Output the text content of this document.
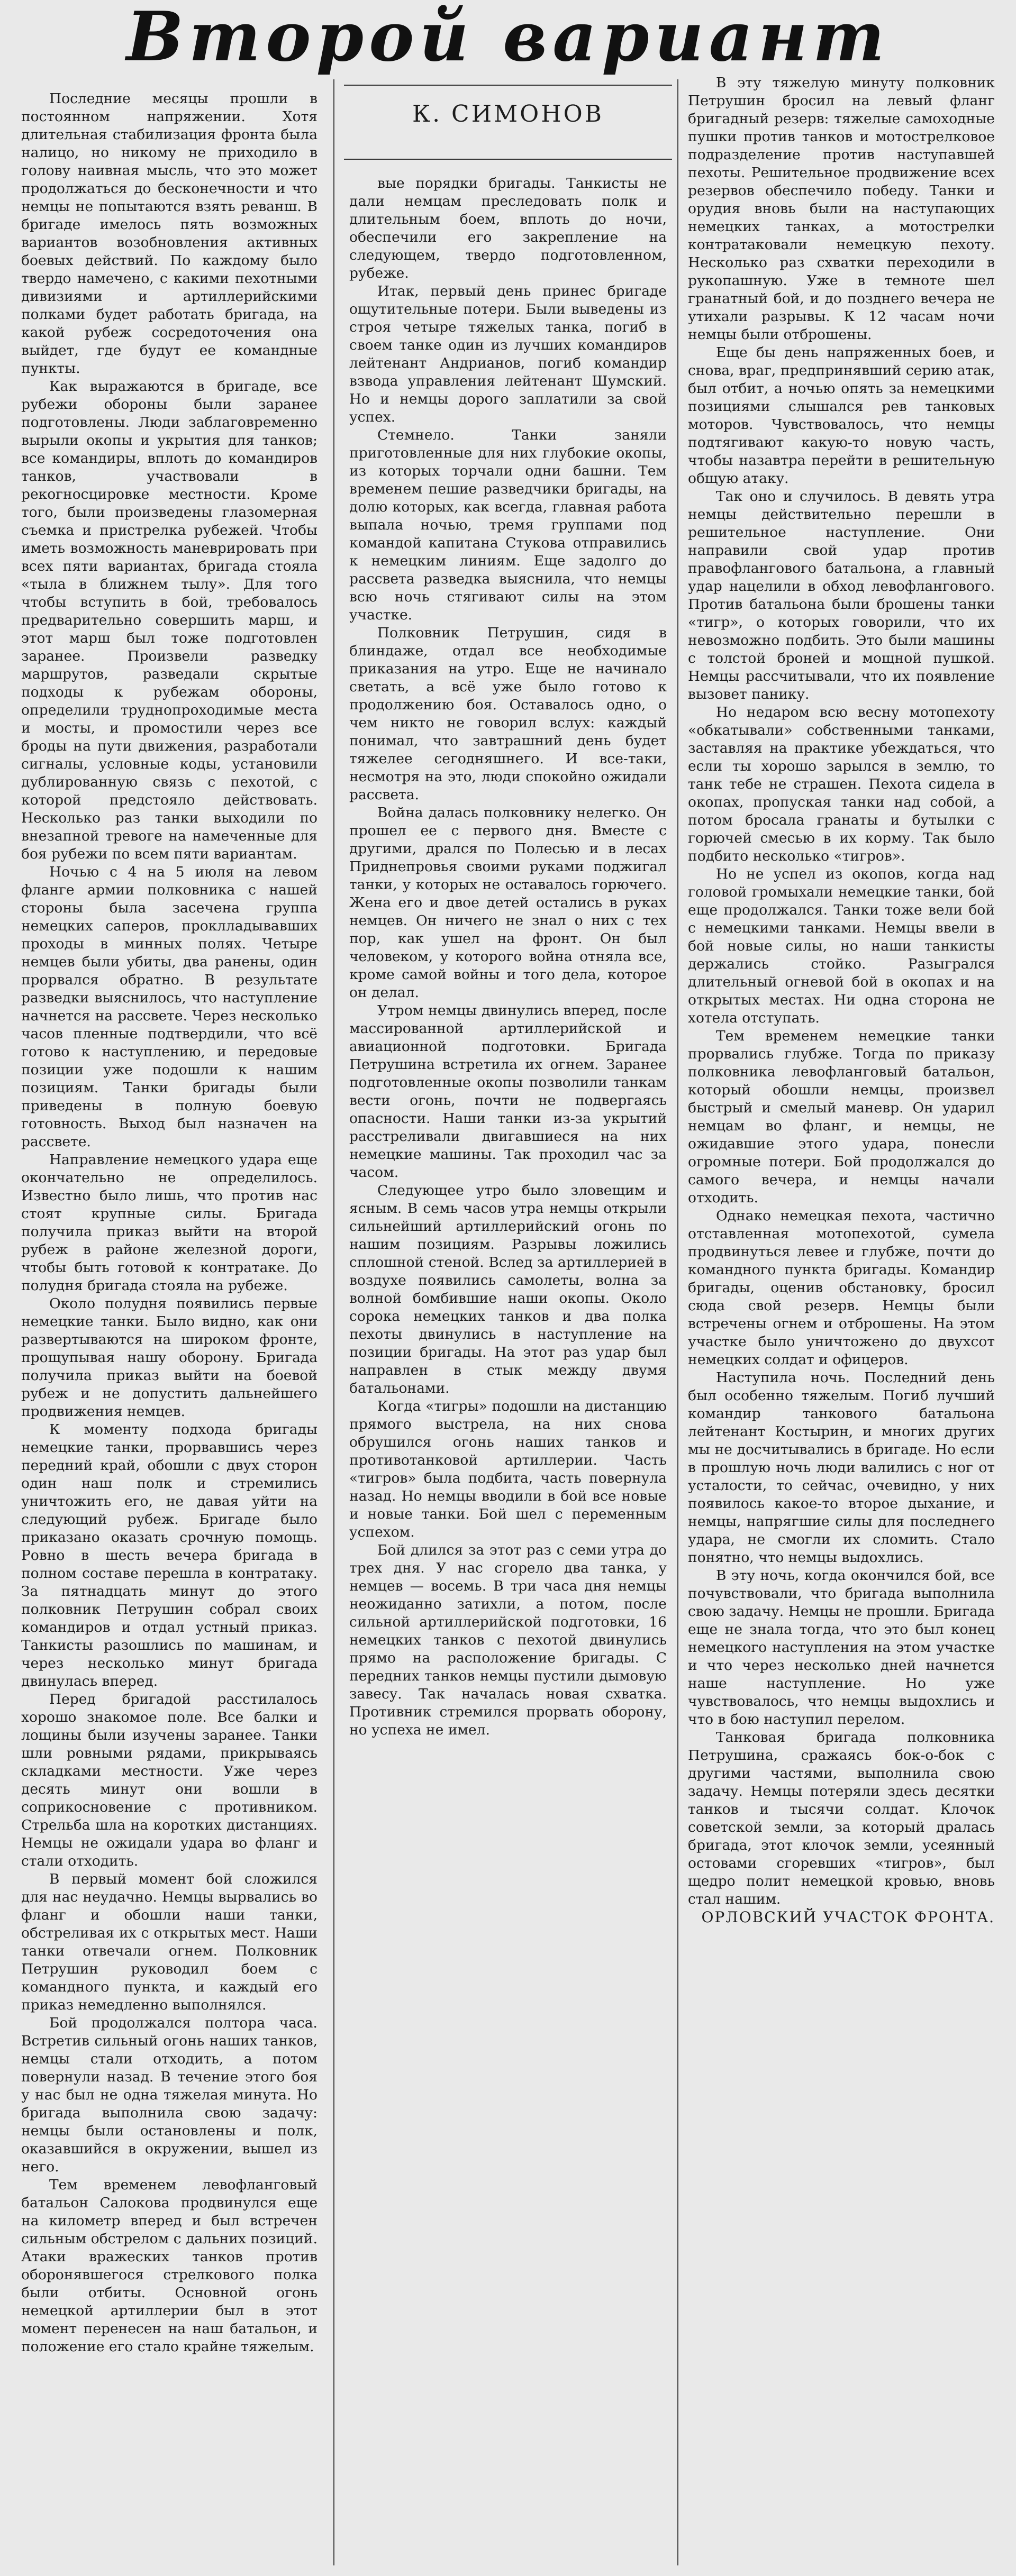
Второй вариант
К. СИМОНОВ

Последние месяцы прошли в постоянном напряжении. Хотя длительная стабилизация фронта была налицо, но никому не приходило в голову наивная мысль, что это может продолжаться до бесконечности и что немцы не попытаются взять реванш. В бригаде имелось пять возможных вариантов возобновления активных боевых действий. По каждому было твердо намечено, с какими пехотными дивизиями и артиллерийскими полками будет работать бригада, на какой рубеж сосредоточения она выйдет, где будут ее командные пункты.

Как выражаются в бригаде, все рубежи обороны были заранее подготовлены. Люди заблаговременно вырыли окопы и укрытия для танков; все командиры, вплоть до командиров танков, участвовали в рекогносцировке местности. Кроме того, были произведены глазомерная съемка и пристрелка рубежей. Чтобы иметь возможность маневрировать при всех пяти вариантах, бригада стояла «тыла в ближнем тылу». Для того чтобы вступить в бой, требовалось предварительно совершить марш, и этот марш был тоже подготовлен заранее. Произвели разведку маршрутов, разведали скрытые подходы к рубежам обороны, определили труднопроходимые места и мосты, и промостили через все броды на пути движения, разработали сигналы, условные коды, установили дублированную связь с пехотой, с которой предстояло действовать. Несколько раз танки выходили по внезапной тревоге на намеченные для боя рубежи по всем пяти вариантам.

Ночью с 4 на 5 июля на левом фланге армии полковника с нашей стороны была засечена группа немецких саперов, проклладывавших проходы в минных полях. Четыре немцев были убиты, два ранены, один прорвался обратно. В результате разведки выяснилось, что наступление начнется на рассвете. Через несколько часов пленные подтвердили, что всё готово к наступлению, и передовые позиции уже подошли к нашим позициям. Танки бригады были приведены в полную боевую готовность. Выход был назначен на рассвете.

Направление немецкого удара еще окончательно не определилось. Известно было лишь, что против нас стоят крупные силы. Бригада получила приказ выйти на второй рубеж в районе железной дороги, чтобы быть готовой к контратаке. До полудня бригада стояла на рубеже.

Около полудня появились первые немецкие танки. Было видно, как они развертываются на широком фронте, прощупывая нашу оборону. Бригада получила приказ выйти на боевой рубеж и не допустить дальнейшего продвижения немцев.

К моменту подхода бригады немецкие танки, прорвавшись через передний край, обошли с двух сторон один наш полк и стремились уничтожить его, не давая уйти на следующий рубеж. Бригаде было приказано оказать срочную помощь. Ровно в шесть вечера бригада в полном составе перешла в контратаку. За пятнадцать минут до этого полковник Петрушин собрал своих командиров и отдал устный приказ. Танкисты разошлись по машинам, и через несколько минут бригада двинулась вперед.

Перед бригадой расстилалось хорошо знакомое поле. Все балки и лощины были изучены заранее. Танки шли ровными рядами, прикрываясь складками местности. Уже через десять минут они вошли в соприкосновение с противником. Стрельба шла на коротких дистанциях. Немцы не ожидали удара во фланг и стали отходить.

В первый момент бой сложился для нас неудачно. Немцы вырвались во фланг и обошли наши танки, обстреливая их с открытых мест. Наши танки отвечали огнем. Полковник Петрушин руководил боем с командного пункта, и каждый его приказ немедленно выполнялся.

Бой продолжался полтора часа. Встретив сильный огонь наших танков, немцы стали отходить, а потом повернули назад. В течение этого боя у нас был не одна тяжелая минута. Но бригада выполнила свою задачу: немцы были остановлены и полк, оказавшийся в окружении, вышел из него.

Тем временем левофланговый батальон Салокова продвинулся еще на километр вперед и был встречен сильным обстрелом с дальних позиций. Атаки вражеских танков против оборонявшегося стрелкового полка были отбиты. Основной огонь немецкой артиллерии был в этот момент перенесен на наш батальон, и положение его стало крайне тяжелым.

вые порядки бригады. Танкисты не дали немцам преследовать полк и длительным боем, вплоть до ночи, обеспечили его закрепление на следующем, твердо подготовленном, рубеже.

Итак, первый день принес бригаде ощутительные потери. Были выведены из строя четыре тяжелых танка, погиб в своем танке один из лучших командиров лейтенант Андрианов, погиб командир взвода управления лейтенант Шумский. Но и немцы дорого заплатили за свой успех.

Стемнело. Танки заняли приготовленные для них глубокие окопы, из которых торчали одни башни. Тем временем пешие разведчики бригады, на долю которых, как всегда, главная работа выпала ночью, тремя группами под командой капитана Стукова отправились к немецким линиям. Еще задолго до рассвета разведка выяснила, что немцы всю ночь стягивают силы на этом участке.

Полковник Петрушин, сидя в блиндаже, отдал все необходимые приказания на утро. Еще не начинало светать, а всё уже было готово к продолжению боя. Оставалось одно, о чем никто не говорил вслух: каждый понимал, что завтрашний день будет тяжелее сегодняшнего. И все-таки, несмотря на это, люди спокойно ожидали рассвета.

Война далась полковнику нелегко. Он прошел ее с первого дня. Вместе с другими, дрался по Полесью и в лесах Приднепровья своими руками поджигал танки, у которых не оставалось горючего. Жена его и двое детей остались в руках немцев. Он ничего не знал о них с тех пор, как ушел на фронт. Он был человеком, у которого война отняла все, кроме самой войны и того дела, которое он делал.

Утром немцы двинулись вперед, после массированной артиллерийской и авиационной подготовки. Бригада Петрушина встретила их огнем. Заранее подготовленные окопы позволили танкам вести огонь, почти не подвергаясь опасности. Наши танки из-за укрытий расстреливали двигавшиеся на них немецкие машины. Так проходил час за часом.

Следующее утро было зловещим и ясным. В семь часов утра немцы открыли сильнейший артиллерийский огонь по нашим позициям. Разрывы ложились сплошной стеной. Вслед за артиллерией в воздухе появились самолеты, волна за волной бомбившие наши окопы. Около сорока немецких танков и два полка пехоты двинулись в наступление на позиции бригады. На этот раз удар был направлен в стык между двумя батальонами.

Когда «тигры» подошли на дистанцию прямого выстрела, на них снова обрушился огонь наших танков и противотанковой артиллерии. Часть «тигров» была подбита, часть повернула назад. Но немцы вводили в бой все новые и новые танки. Бой шел с переменным успехом.

Бой длился за этот раз с семи утра до трех дня. У нас сгорело два танка, у немцев — восемь. В три часа дня немцы неожиданно затихли, а потом, после сильной артиллерийской подготовки, 16 немецких танков с пехотой двинулись прямо на расположение бригады. С передних танков немцы пустили дымовую завесу. Так началась новая схватка. Противник стремился прорвать оборону, но успеха не имел.

В эту тяжелую минуту полковник Петрушин бросил на левый фланг бригадный резерв: тяжелые самоходные пушки против танков и мотострелковое подразделение против наступавшей пехоты. Решительное продвижение всех резервов обеспечило победу. Танки и орудия вновь были на наступающих немецких танках, а мотострелки контратаковали немецкую пехоту. Несколько раз схватки переходили в рукопашную. Уже в темноте шел гранатный бой, и до позднего вечера не утихали разрывы. К 12 часам ночи немцы были отброшены.

Еще бы день напряженных боев, и снова, враг, предпринявший серию атак, был отбит, а ночью опять за немецкими позициями слышался рев танковых моторов. Чувствовалось, что немцы подтягивают какую-то новую часть, чтобы назавтра перейти в решительную общую атаку.

Так оно и случилось. В девять утра немцы действительно перешли в решительное наступление. Они направили свой удар против правофлангового батальона, а главный удар нацелили в обход левофлангового. Против батальона были брошены танки «тигр», о которых говорили, что их невозможно подбить. Это были машины с толстой броней и мощной пушкой. Немцы рассчитывали, что их появление вызовет панику.

Но недаром всю весну мотопехоту «обкатывали» собственными танками, заставляя на практике убеждаться, что если ты хорошо зарылся в землю, то танк тебе не страшен. Пехота сидела в окопах, пропуская танки над собой, а потом бросала гранаты и бутылки с горючей смесью в их корму. Так было подбито несколько «тигров».

Но не успел из окопов, когда над головой громыхали немецкие танки, бой еще продолжался. Танки тоже вели бой с немецкими танками. Немцы ввели в бой новые силы, но наши танкисты держались стойко. Разыгрался длительный огневой бой в окопах и на открытых местах. Ни одна сторона не хотела отступать.

Тем временем немецкие танки прорвались глубже. Тогда по приказу полковника левофланговый батальон, который обошли немцы, произвел быстрый и смелый маневр. Он ударил немцам во фланг, и немцы, не ожидавшие этого удара, понесли огромные потери. Бой продолжался до самого вечера, и немцы начали отходить.

Однако немецкая пехота, частично отставленная мотопехотой, сумела продвинуться левее и глубже, почти до командного пункта бригады. Командир бригады, оценив обстановку, бросил сюда свой резерв. Немцы были встречены огнем и отброшены. На этом участке было уничтожено до двухсот немецких солдат и офицеров.

Наступила ночь. Последний день был особенно тяжелым. Погиб лучший командир танкового батальона лейтенант Костырин, и многих других мы не досчитывались в бригаде. Но если в прошлую ночь люди валились с ног от усталости, то сейчас, очевидно, у них появилось какое-то второе дыхание, и немцы, напрягшие силы для последнего удара, не смогли их сломить. Стало понятно, что немцы выдохлись.

В эту ночь, когда окончился бой, все почувствовали, что бригада выполнила свою задачу. Немцы не прошли. Бригада еще не знала тогда, что это был конец немецкого наступления на этом участке и что через несколько дней начнется наше наступление. Но уже чувствовалось, что немцы выдохлись и что в бою наступил перелом.

Танковая бригада полковника Петрушина, сражаясь бок-о-бок с другими частями, выполнила свою задачу. Немцы потеряли здесь десятки танков и тысячи солдат. Клочок советской земли, за который дралась бригада, этот клочок земли, усеянный остовами сгоревших «тигров», был щедро полит немецкой кровью, вновь стал нашим.

ОРЛОВСКИЙ УЧАСТОК ФРОНТА.
